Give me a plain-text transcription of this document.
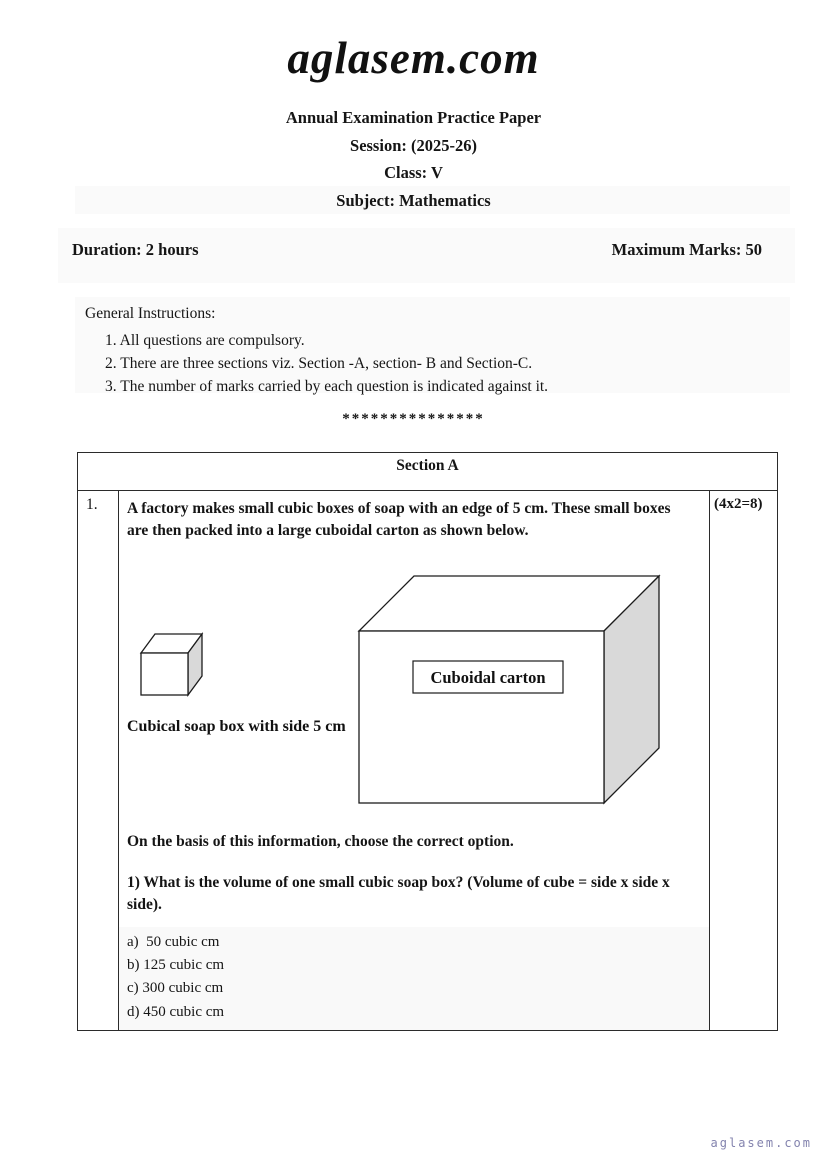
aglasem.com
Annual Examination Practice Paper
Session: (2025-26)
Class: V
Subject: Mathematics
Duration: 2 hours	Maximum Marks: 50
General Instructions:
1. All questions are compulsory.
2. There are three sections viz. Section -A, section- B and Section-C.
3. The number of marks carried by each question is indicated against it.
***************
Section A
1.	A factory makes small cubic boxes of soap with an edge of 5 cm. These small boxes are then packed into a large cuboidal carton as shown below.

Cuboidal carton
Cubical soap box with side 5 cm

On the basis of this information, choose the correct option.

1) What is the volume of one small cubic soap box? (Volume of cube = side x side x side).

a)  50 cubic cm
b) 125 cubic cm
c) 300 cubic cm
d) 450 cubic cm
(4x2=8)
aglasem.com
